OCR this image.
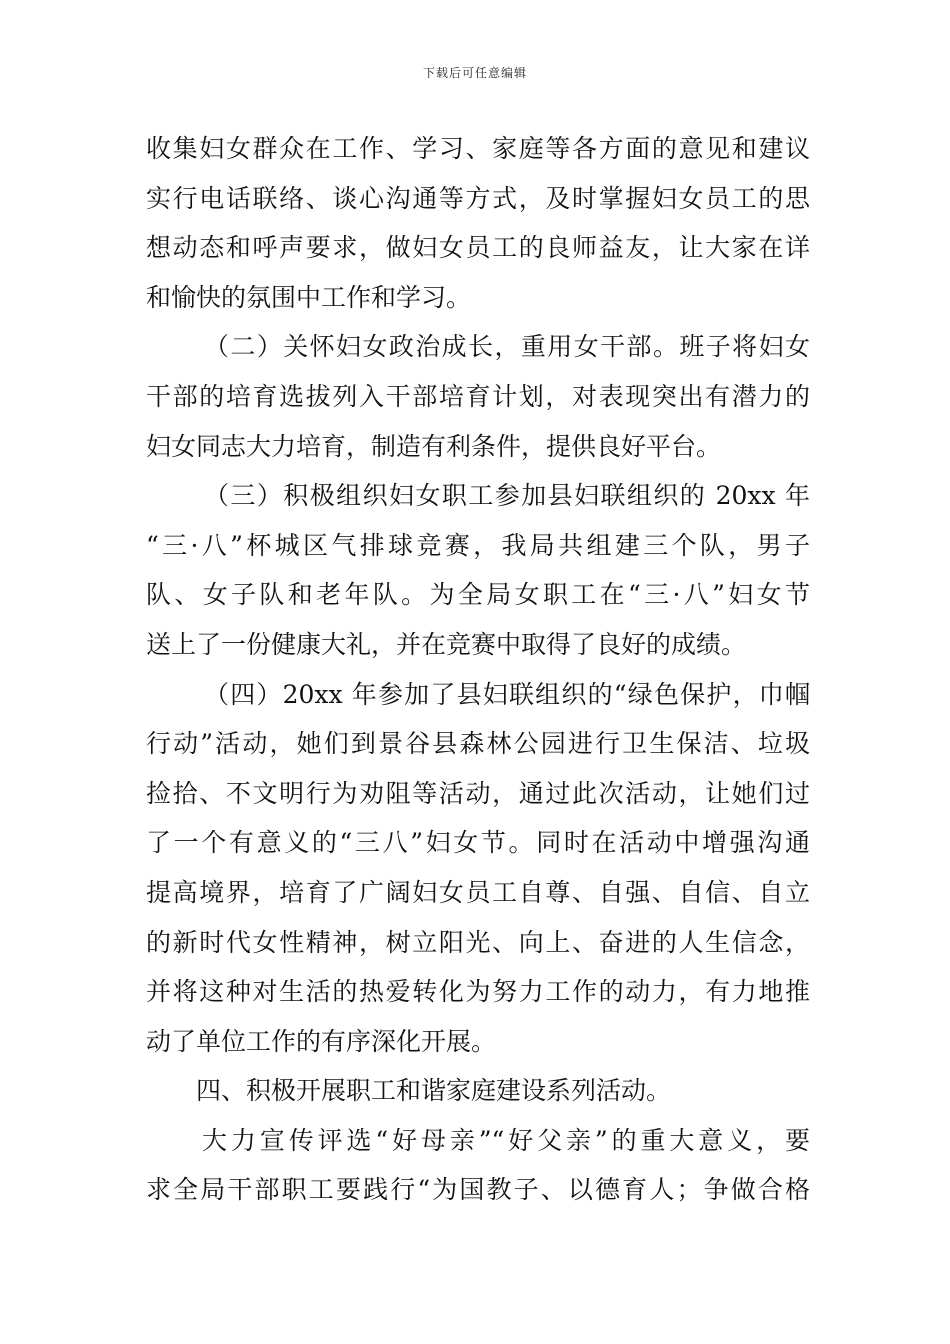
下载后可任意编辑
收集妇女群众在工作、学习、家庭等各方面的意见和建议
实行电话联络、谈心沟通等方式，及时掌握妇女员工的思
想动态和呼声要求，做妇女员工的良师益友，让大家在详
和愉快的氛围中工作和学习。
（二）关怀妇女政治成长，重用女干部。班子将妇女
干部的培育选拔列入干部培育计划，对表现突出有潜力的
妇女同志大力培育，制造有利条件，提供良好平台。
（三）积极组织妇女职工参加县妇联组织的 20xx 年
“三·八”杯城区气排球竞赛，我局共组建三个队，男子
队、女子队和老年队。为全局女职工在“三·八”妇女节
送上了一份健康大礼，并在竞赛中取得了良好的成绩。
（四）20xx 年参加了县妇联组织的“绿色保护，巾帼
行动”活动，她们到景谷县森林公园进行卫生保洁、垃圾
捡拾、不文明行为劝阻等活动，通过此次活动，让她们过
了一个有意义的“三八”妇女节。同时在活动中增强沟通
提高境界，培育了广阔妇女员工自尊、自强、自信、自立
的新时代女性精神，树立阳光、向上、奋进的人生信念，
并将这种对生活的热爱转化为努力工作的动力，有力地推
动了单位工作的有序深化开展。
四、积极开展职工和谐家庭建设系列活动。
大力宣传评选“好母亲”“好父亲”的重大意义，要
求全局干部职工要践行“为国教子、以德育人；争做合格
